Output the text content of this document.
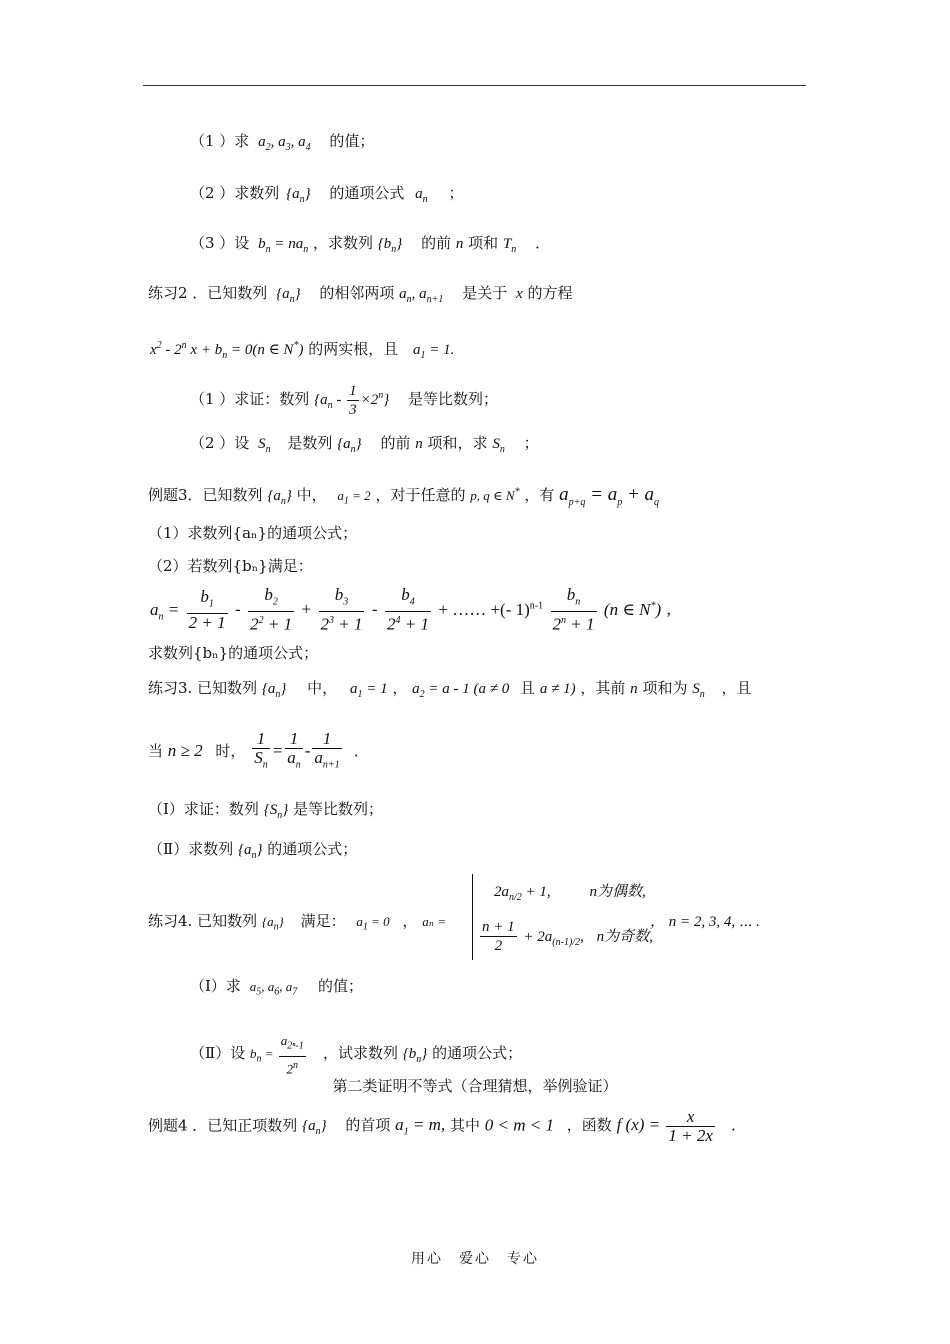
（1 ）求 $a_2$, $a_3$, $a_4$ 的值；
（2 ）求数列 $\{a_n\}$ 的通项公式 $a_n$ ；
（3 ）设 $b_n = na_n$ ，求数列 $\{b_n\}$ 的前 n 项和 $T_n$ ．
练习2 ．已知数列 $\{a_n\}$ 的相邻两项 $a_n$, $a_{n+1}$ 是关于 x 的方程
$x^2 - 2^n$ $x + b_n = 0(n$ ∈ N*) 的两实根，且 $a_1 = 1$.
（1 ）求证：数列 $\{a_n - \frac{1}{3} \times 2^n\}$ 是等比数列；
（2 ）设 $S_n$ 是数列 $\{a_n\}$ 的前 n 项和，求 $S_n$ ；
例题3．已知数列 $\{a_n\}$ 中， $a_1 = 2$ ，对于任意的 p, q ∈ N* ，有 $a_{p+q} = a_p + a_q$
（1）求数列{aₙ}的通项公式；
（2）若数列{bₙ}满足：
$a_n = \frac{b_1}{2 + 1} - \frac{b_2}{2^2 + 1} + \frac{b_3}{2^3 + 1} - \frac{b_4}{2^4 + 1}$ + …… +(- $1)^{n-1} \frac{b_n}{2^n + 1} (n$ ∈ N*) ,
求数列{bₙ}的通项公式；
练习3. 已知数列 $\{a_n\}$ 中， $a_1 = 1$ ， $a_2 = a - 1$ (a ≠ 0 且 a ≠ 1) ，其前 n 项和为 $S_n$ ，且
当 n ≥ 2 时， $\frac{1}{S_n} = \frac{1}{a_n} - \frac{1}{a_{n+1}}$ ．
（Ⅰ）求证：数列 $\{S_n\}$ 是等比数列；
（Ⅱ）求数列 $\{a_n\}$ 的通项公式；
练习4. 已知数列 $\{a_n\}$ 满足： $a_1 = 0$ ， aₙ =
$2a_{n/2} + 1$,	n为偶数,
$\frac{n + 1}{2} + 2a_{(n-1)/2}$, n为奇数,
， n = 2, 3, 4, ⋯ .
（Ⅰ）求 $a_5$, $a_6$, $a_7$ 的值；
（Ⅱ）设 $b_n = \frac{a_{2^n-1}}{2^n}$ ，试求数列 $\{b_n\}$ 的通项公式；
第二类证明不等式（合理猜想，举例验证）
例题4 ．已知正项数列 $\{a_n\}$ 的首项 $a_1 = m$, 其中 0 < m < 1 ，函数 f $(x) = \frac{x}{1 + 2x}$ ．
用心　爱心　专心
